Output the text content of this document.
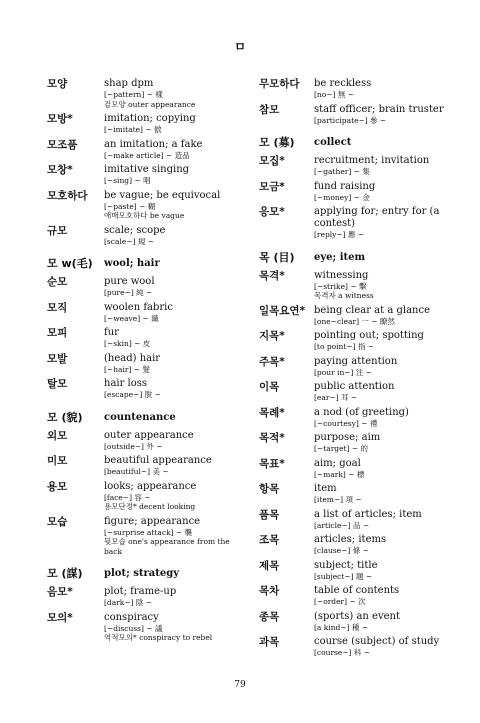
ㅁ
모양	shap dpm
[~pattern] ~ 樣
겉모양 outer appearance
모방*	imitation; copying
[~imitate] ~ 倣
모조품	an imitation; a fake
[~make article] ~ 造品
모창*	imitative singing
[~sing] ~ 唱
모호하다	be vague; be equivocal
[~paste] ~ 糊
애매모호하다 be vague
규모	scale; scope
[scale~] 規 ~
모 w(毛)	wool; hair
순모	pure wool
[pure~] 純 ~
모직	woolen fabric
[~weave] ~ 織
모피	fur
[~skin] ~ 皮
모발	(head) hair
[~hair] ~ 髮
탈모	hair loss
[escape~] 脫 ~
모 (貌)	countenance
외모	outer appearance
[outside~] 外 ~
미모	beautiful appearance
[beautiful~] 美 ~
용모	looks; appearance
[face~] 容 ~
용모단정* decent looking
모습	figure; appearance
[~surprise attack] ~ 襲
뒷모습 one's appearance from the back
모 (謀)	plot; strategy
음모*	plot; frame-up
[dark~] 陰 ~
모의*	conspiracy
[~discuss] ~ 議
역적모의* conspiracy to rebel
무모하다	be reckless
[no~] 無 ~
참모	staff officer; brain truster
[participate~] 參 ~
모 (募)	collect
모집*	recruitment; invitation
[~gather] ~ 集
모금*	fund raising
[~money] ~ 金
응모*	applying for; entry for (a contest)
[reply~] 應 ~
목 (目)	eye; item
목격*	witnessing
[~strike] ~ 擊
목격자 a witness
일목요연* being clear at a glance
[one~clear] 一 ~ 瞭然
지목*	pointing out; spotting
[to point~] 指 ~
주목*	paying attention
[pour in~] 注 ~
이목	public attention
[ear~] 耳 ~
목례*	a nod (of greeting)
[~courtesy] ~ 禮
목적*	purpose; aim
[~target] ~ 的
목표*	aim; goal
[~mark] ~ 標
항목	item
[item~] 項 ~
품목	a list of articles; item
[article~] 品 ~
조목	articles; items
[clause~] 條 ~
제목	subject; title
[subject~] 題 ~
목차	table of contents
[~order] ~ 次
종목	(sports) an event
[a kind~] 種 ~
과목	course (subject) of study
[course~] 科 ~
79
